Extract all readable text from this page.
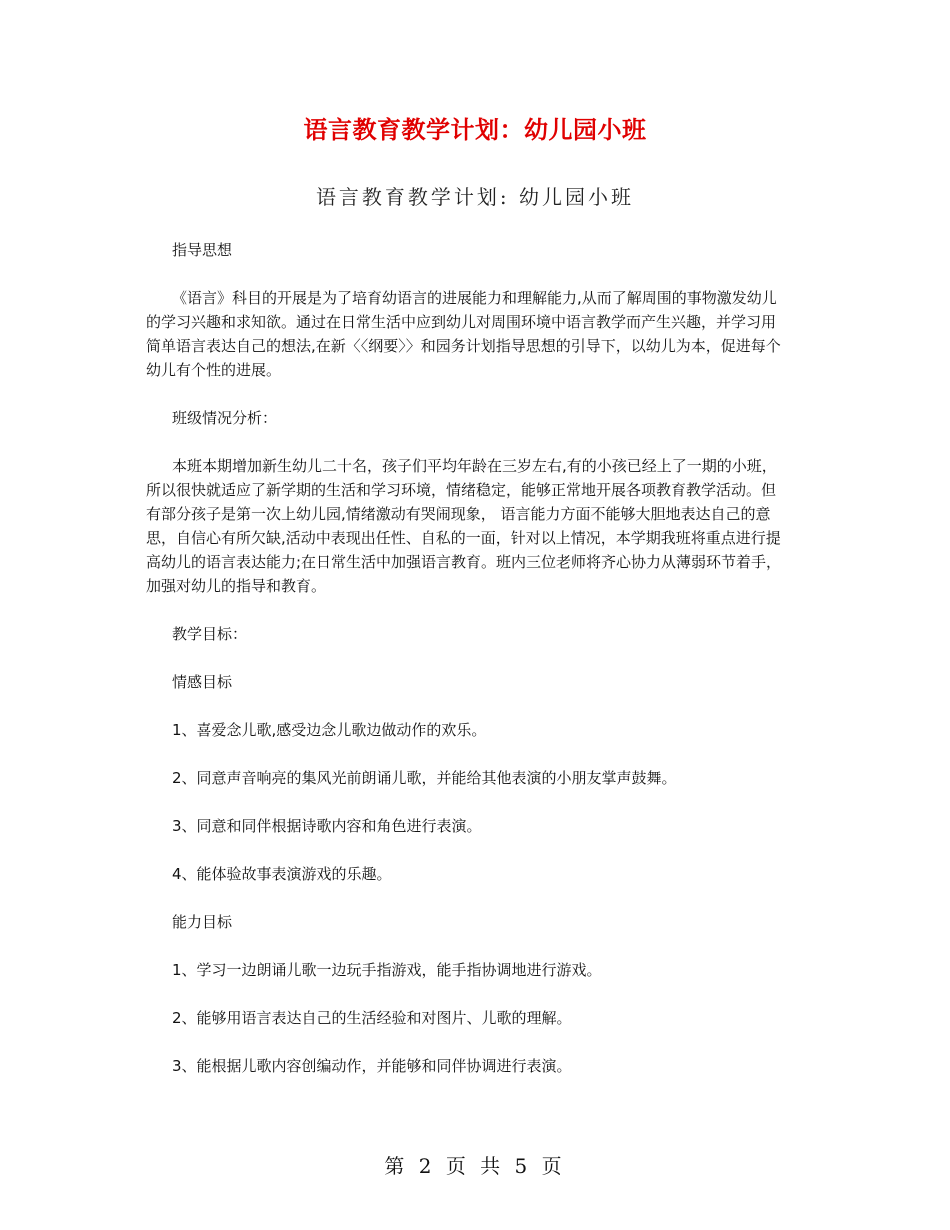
语言教育教学计划：幼儿园小班
语言教育教学计划: 幼儿园小班

指导思想

《语言》科目的开展是为了培育幼语言的进展能力和理解能力,从而了解周围的事物激发幼儿的学习兴趣和求知欲。通过在日常生活中应到幼儿对周围环境中语言教学而产生兴趣，并学习用简单语言表达自己的想法,在新〈〈纲要〉〉和园务计划指导思想的引导下，以幼儿为本，促进每个幼儿有个性的进展。

班级情况分析：

本班本期增加新生幼儿二十名，孩子们平均年龄在三岁左右,有的小孩已经上了一期的小班，所以很快就适应了新学期的生活和学习环境，情绪稳定，能够正常地开展各项教育教学活动。但有部分孩子是第一次上幼儿园,情绪激动有哭闹现象， 语言能力方面不能够大胆地表达自己的意思，自信心有所欠缺,活动中表现出任性、自私的一面，针对以上情况，本学期我班将重点进行提高幼儿的语言表达能力;在日常生活中加强语言教育。班内三位老师将齐心协力从薄弱环节着手，加强对幼儿的指导和教育。

教学目标：

情感目标

1、喜爱念儿歌,感受边念儿歌边做动作的欢乐。

2、同意声音响亮的集风光前朗诵儿歌，并能给其他表演的小朋友掌声鼓舞。

3、同意和同伴根据诗歌内容和角色进行表演。

4、能体验故事表演游戏的乐趣。

能力目标

1、学习一边朗诵儿歌一边玩手指游戏，能手指协调地进行游戏。

2、能够用语言表达自己的生活经验和对图片、儿歌的理解。

3、能根据儿歌内容创编动作，并能够和同伴协调进行表演。

第 2 页 共 5 页
